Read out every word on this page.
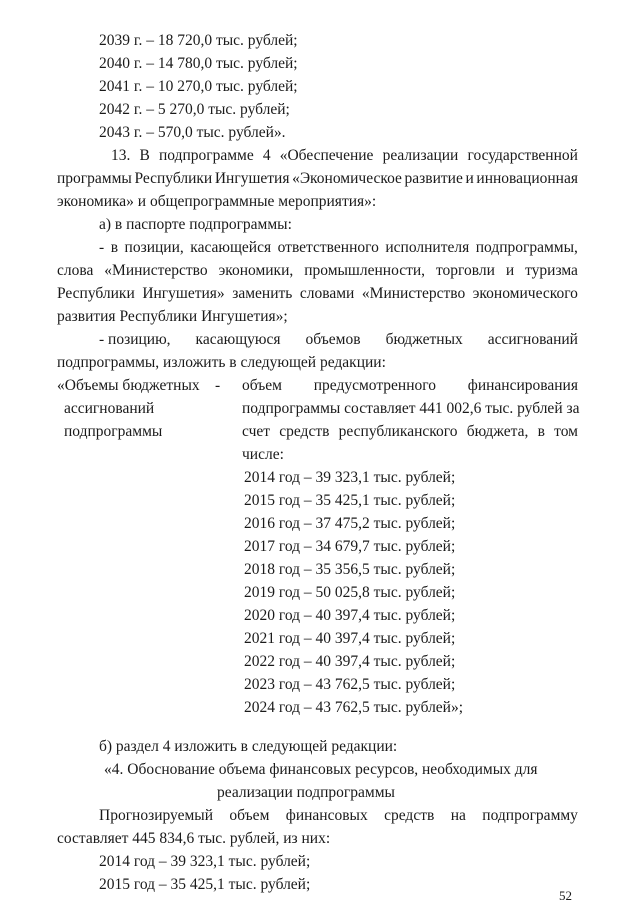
2039 г. – 18 720,0 тыс. рублей;
2040 г. – 14 780,0 тыс. рублей;
2041 г. – 10 270,0 тыс. рублей;
2042 г. – 5 270,0 тыс. рублей;
2043 г. – 570,0 тыс. рублей».
13. В подпрограмме 4 «Обеспечение реализации государственной
программы Республики Ингушетия «Экономическое развитие и инновационная
экономика» и общепрограммные мероприятия»:
а) в паспорте подпрограммы:
- в позиции, касающейся ответственного исполнителя подпрограммы,
слова «Министерство экономики, промышленности, торговли и туризма
Республики Ингушетия» заменить словами «Министерство экономического
развития Республики Ингушетия»;
- позицию, касающуюся объемов бюджетных ассигнований
подпрограммы, изложить в следующей редакции:
«Объемы бюджетных -
ассигнований
подпрограммы
объем предусмотренного финансирования
подпрограммы составляет 441 002,6 тыс. рублей за
счет средств республиканского бюджета, в том
числе:
2014 год – 39 323,1 тыс. рублей;
2015 год – 35 425,1 тыс. рублей;
2016 год – 37 475,2 тыс. рублей;
2017 год – 34 679,7 тыс. рублей;
2018 год – 35 356,5 тыс. рублей;
2019 год – 50 025,8 тыс. рублей;
2020 год – 40 397,4 тыс. рублей;
2021 год – 40 397,4 тыс. рублей;
2022 год – 40 397,4 тыс. рублей;
2023 год – 43 762,5 тыс. рублей;
2024 год – 43 762,5 тыс. рублей»;
б) раздел 4 изложить в следующей редакции:
«4. Обоснование объема финансовых ресурсов, необходимых для
реализации подпрограммы
Прогнозируемый объем финансовых средств на подпрограмму
составляет 445 834,6 тыс. рублей, из них:
2014 год – 39 323,1 тыс. рублей;
2015 год – 35 425,1 тыс. рублей;
52
